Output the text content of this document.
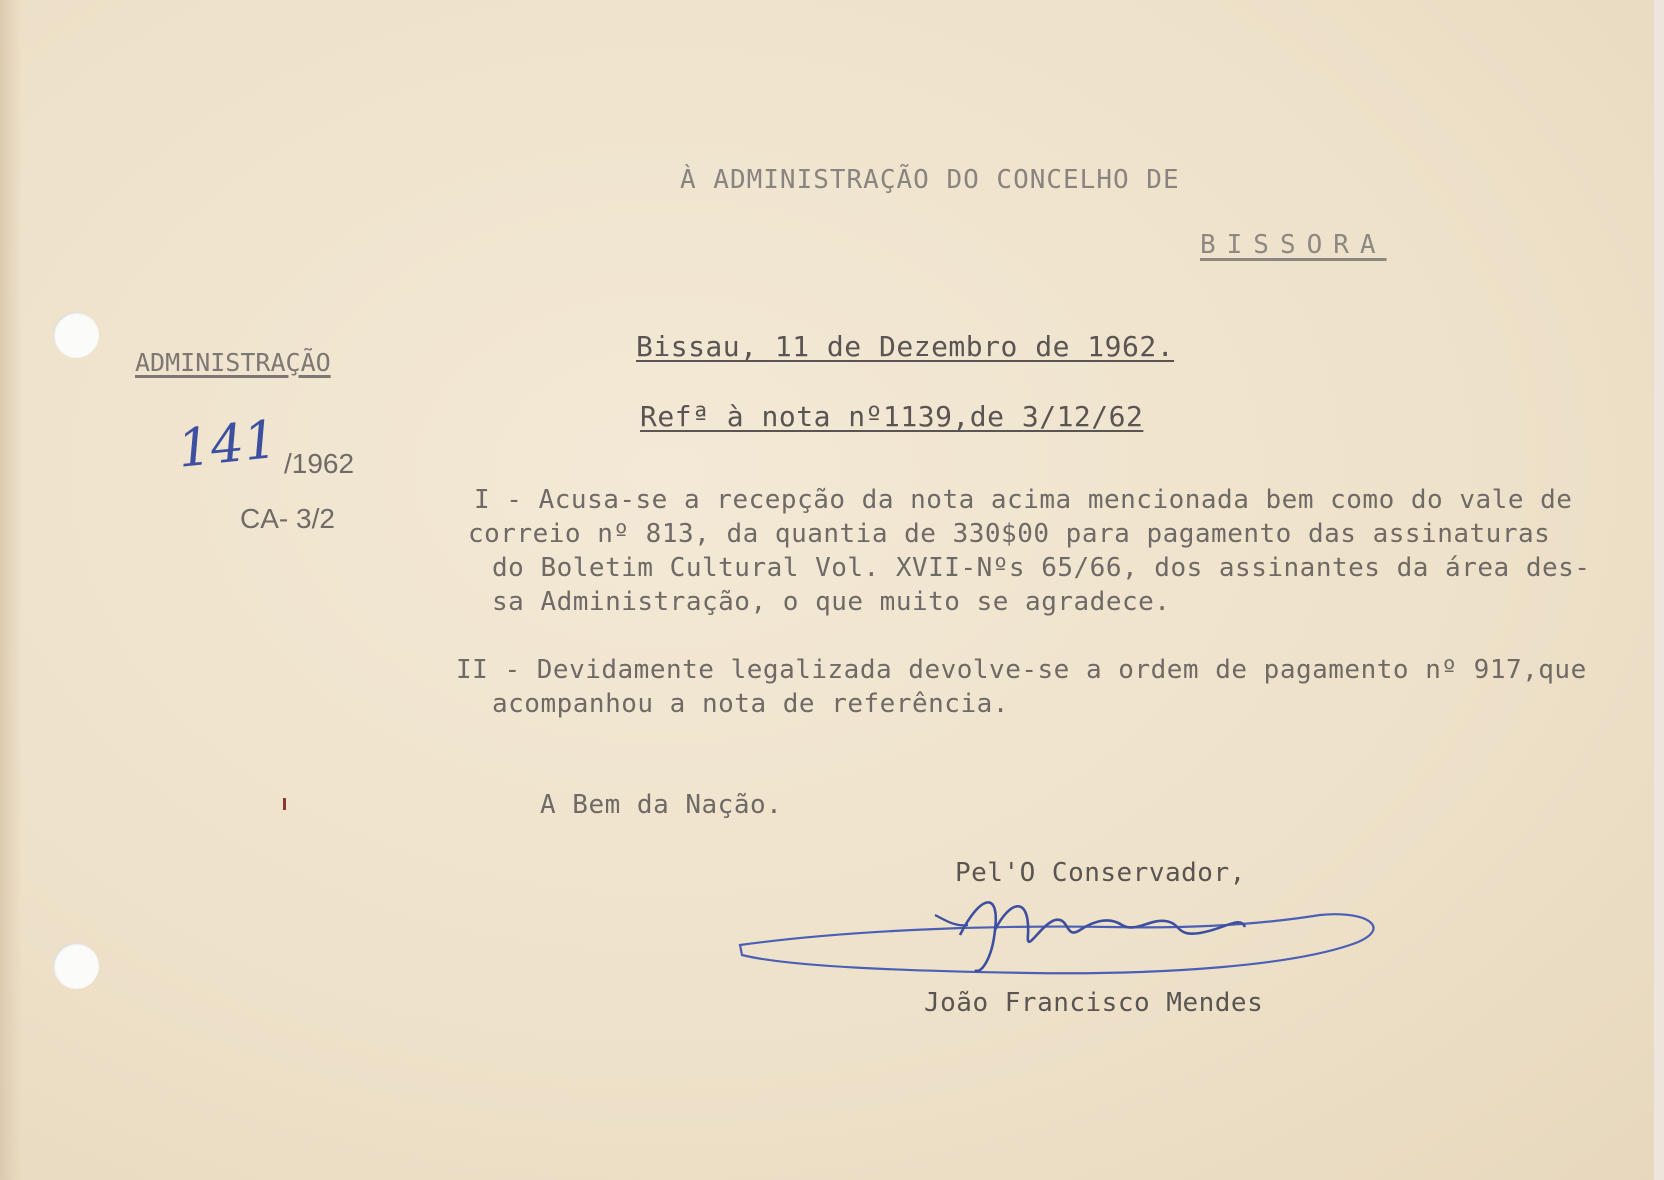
À ADMINISTRAÇÃO DO CONCELHO DE
BISSORA
ADMINISTRAÇÃO
141 /1962
CA- 3/2
Bissau, 11 de Dezembro de 1962.
Refª à nota nº1139,de 3/12/62
I - Acusa-se a recepção da nota acima mencionada bem como do vale de
correio nº 813, da quantia de 330$00 para pagamento das assinaturas
do Boletim Cultural Vol. XVII-Nºs 65/66, dos assinantes da área des-
sa Administração, o que muito se agradece.
II - Devidamente legalizada devolve-se a ordem de pagamento nº 917,que
acompanhou a nota de referência.
A Bem da Nação.
Pel'O Conservador,
João Francisco Mendes
